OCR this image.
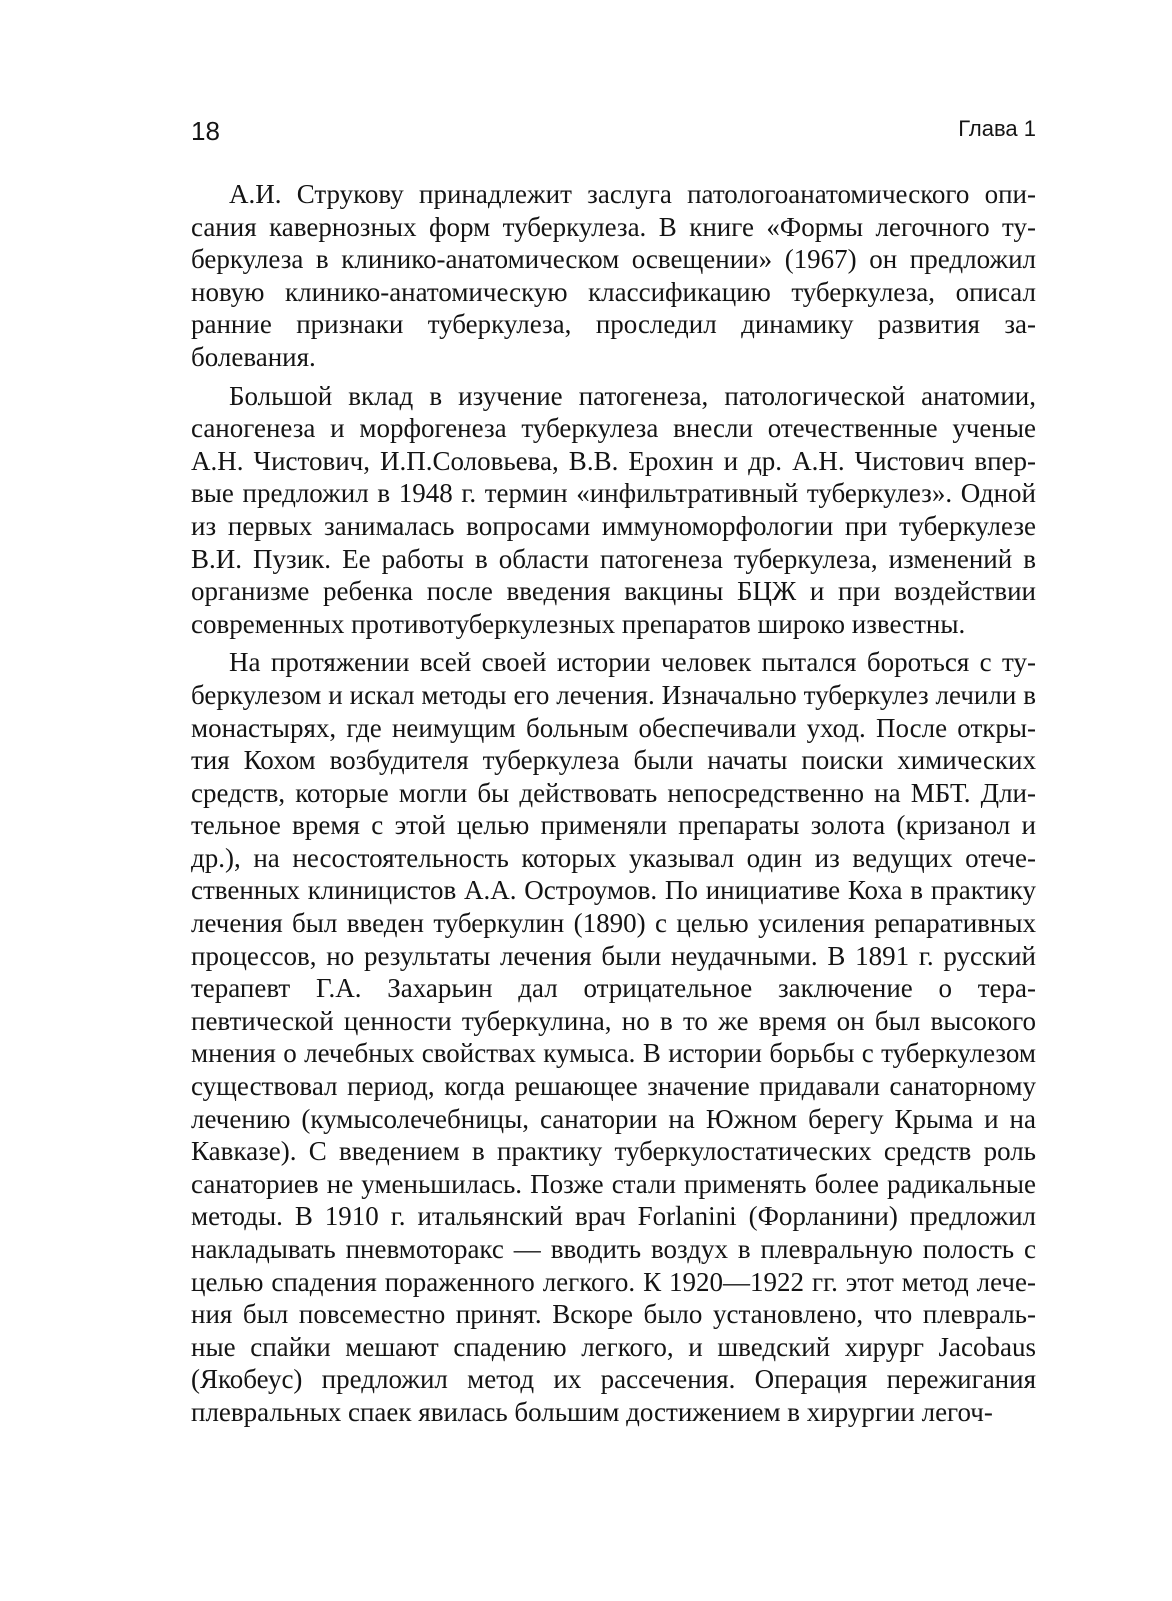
18	Глава 1

А.И. Струкову принадлежит заслуга патологоанатомического описания кавернозных форм туберкулеза. В книге «Формы легочного туберкулеза в клинико-анатомическом освещении» (1967) он предложил новую клинико-анатомическую классификацию туберкулеза, описал ранние признаки туберкулеза, проследил динамику развития заболевания.

Большой вклад в изучение патогенеза, патологической анатомии, саногенеза и морфогенеза туберкулеза внесли отечественные ученые А.Н. Чистович, И.П.Соловьева, В.В. Ерохин и др. А.Н. Чистович впервые предложил в 1948 г. термин «инфильтративный туберкулез». Одной из первых занималась вопросами иммуноморфологии при туберкулезе В.И. Пузик. Ее работы в области патогенеза туберкулеза, изменений в организме ребенка после введения вакцины БЦЖ и при воздействии современных противотуберкулезных препаратов широко известны.

На протяжении всей своей истории человек пытался бороться с туберкулезом и искал методы его лечения. Изначально туберкулез лечили в монастырях, где неимущим больным обеспечивали уход. После открытия Кохом возбудителя туберкулеза были начаты поиски химических средств, которые могли бы действовать непосредственно на МБТ. Длительное время с этой целью применяли препараты золота (кризанол и др.), на несостоятельность которых указывал один из ведущих отечественных клиницистов А.А. Остроумов. По инициативе Коха в практику лечения был введен туберкулин (1890) с целью усиления репаративных процессов, но результаты лечения были неудачными. В 1891 г. русский терапевт Г.А. Захарьин дал отрицательное заключение о терапевтической ценности туберкулина, но в то же время он был высокого мнения о лечебных свойствах кумыса. В истории борьбы с туберкулезом существовал период, когда решающее значение придавали санаторному лечению (кумысолечебницы, санатории на Южном берегу Крыма и на Кавказе). С введением в практику туберкулостатических средств роль санаториев не уменьшилась. Позже стали применять более радикальные методы. В 1910 г. итальянский врач Forlanini (Форланини) предложил накладывать пневмоторакс — вводить воздух в плевральную полость с целью спадения пораженного легкого. К 1920—1922 гг. этот метод лечения был повсеместно принят. Вскоре было установлено, что плевральные спайки мешают спадению легкого, и шведский хирург Jacobaus (Якобеус) предложил метод их рассечения. Операция пережигания плевральных спаек явилась большим достижением в хирургии легоч-
